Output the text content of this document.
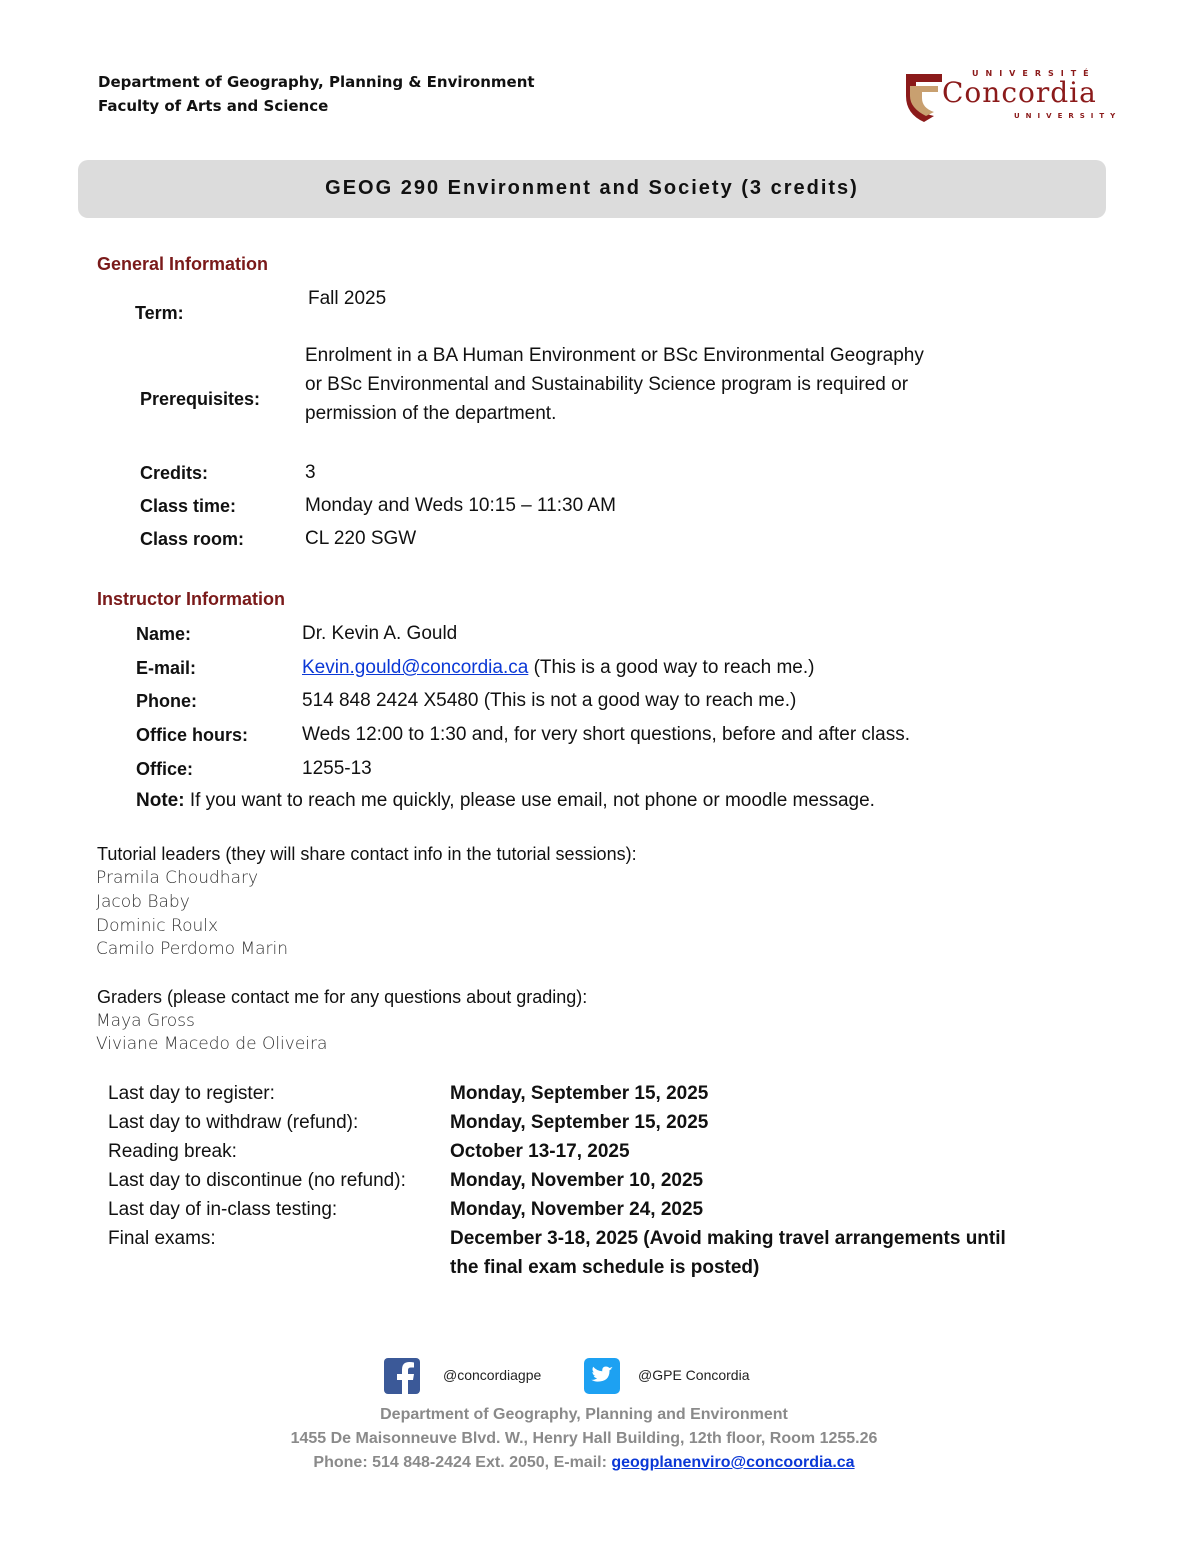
Department of Geography, Planning & Environment
Faculty of Arts and Science
UNIVERSITÉ
Concordia
UNIVERSITY
GEOG 290 Environment and Society (3 credits)
General Information
Term:
Fall 2025
Prerequisites:
Enrolment in a BA Human Environment or BSc Environmental Geography
or BSc Environmental and Sustainability Science program is required or
permission of the department.
Credits:	3
Class time:	Monday and Weds 10:15 – 11:30 AM
Class room:	CL 220 SGW
Instructor Information
Name:	Dr. Kevin A. Gould
E-mail:	Kevin.gould@concordia.ca (This is a good way to reach me.)
Phone:	514 848 2424 X5480 (This is not a good way to reach me.)
Office hours:	Weds 12:00 to 1:30 and, for very short questions, before and after class.
Office:	1255-13
Note: If you want to reach me quickly, please use email, not phone or moodle message.
Tutorial leaders (they will share contact info in the tutorial sessions):
Pramila Choudhary
Jacob Baby
Dominic Roulx
Camilo Perdomo Marin
Graders (please contact me for any questions about grading):
Maya Gross
Viviane Macedo de Oliveira
Last day to register:	Monday, September 15, 2025
Last day to withdraw (refund):	Monday, September 15, 2025
Reading break:	October 13-17, 2025
Last day to discontinue (no refund): Monday, November 10, 2025
Last day of in-class testing:	Monday, November 24, 2025
Final exams:	December 3-18, 2025 (Avoid making travel arrangements until
the final exam schedule is posted)
@concordiagpe	@GPE Concordia
Department of Geography, Planning and Environment
1455 De Maisonneuve Blvd. W., Henry Hall Building, 12th floor, Room 1255.26
Phone: 514 848-2424 Ext. 2050, E-mail: geogplanenviro@concoordia.ca
